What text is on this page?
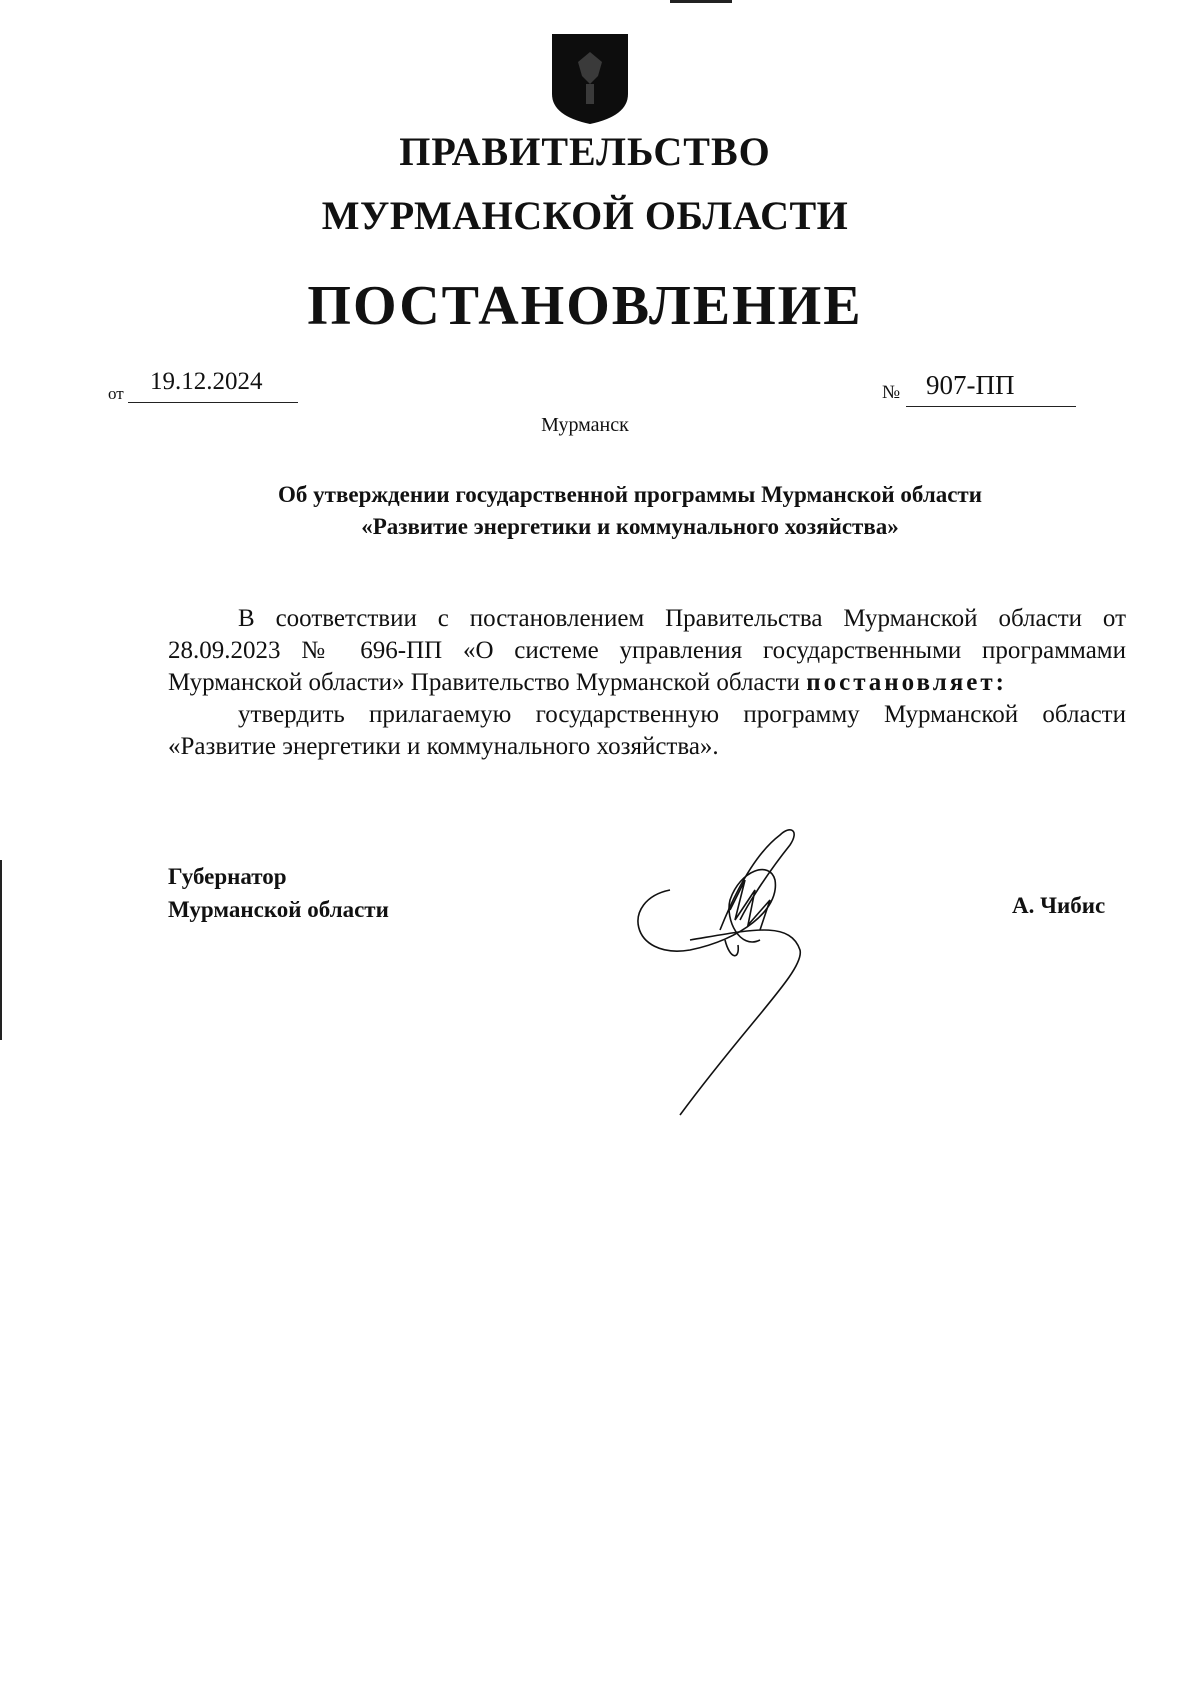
ПРАВИТЕЛЬСТВО
МУРМАНСКОЙ ОБЛАСТИ
ПОСТАНОВЛЕНИЕ
от 19.12.2024	№ 907-ПП
Мурманск
Об утверждении государственной программы Мурманской области
«Развитие энергетики и коммунального хозяйства»

В соответствии с постановлением Правительства Мурманской области от 28.09.2023 № 696-ПП «О системе управления государственными программами Мурманской области» Правительство Мурманской области постановляет:

утвердить прилагаемую государственную программу Мурманской области «Развитие энергетики и коммунального хозяйства».

Губернатор
Мурманской области	А. Чибис
